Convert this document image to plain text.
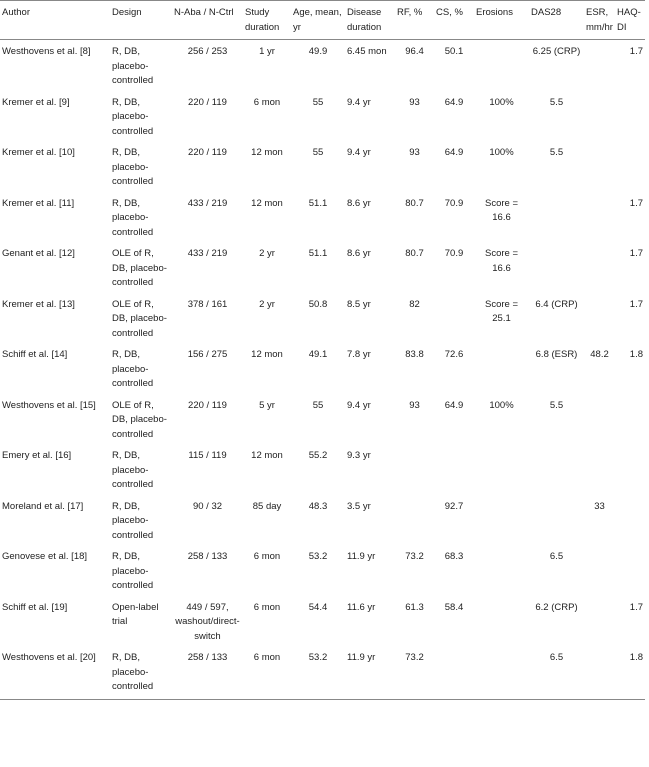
Author	Design	N-Aba / N-Ctrl	Study duration	Age, mean, yr	Disease duration	RF, %	CS, %	Erosions	DAS28	ESR, mm/hr	HAQ-DI
Westhovens et al. [8]	R, DB, placebo-controlled	256 / 253	1 yr	49.9	6.45 mon	96.4	50.1		6.25 (CRP)		1.7
Kremer et al. [9]	R, DB, placebo-controlled	220 / 119	6 mon	55	9.4 yr	93	64.9	100%	5.5		
Kremer et al. [10]	R, DB, placebo-controlled	220 / 119	12 mon	55	9.4 yr	93	64.9	100%	5.5		
Kremer et al. [11]	R, DB, placebo-controlled	433 / 219	12 mon	51.1	8.6 yr	80.7	70.9	Score = 16.6			1.7
Genant et al. [12]	OLE of R, DB, placebo-controlled	433 / 219	2 yr	51.1	8.6 yr	80.7	70.9	Score = 16.6			1.7
Kremer et al. [13]	OLE of R, DB, placebo-controlled	378 / 161	2 yr	50.8	8.5 yr	82		Score = 25.1	6.4 (CRP)		1.7
Schiff et al. [14]	R, DB, placebo-controlled	156 / 275	12 mon	49.1	7.8 yr	83.8	72.6		6.8 (ESR)	48.2	1.8
Westhovens et al. [15]	OLE of R, DB, placebo-controlled	220 / 119	5 yr	55	9.4 yr	93	64.9	100%	5.5		
Emery et al. [16]	R, DB, placebo-controlled	115 / 119	12 mon	55.2	9.3 yr						
Moreland et al. [17]	R, DB, placebo-controlled	90 / 32	85 day	48.3	3.5 yr		92.7			33	
Genovese et al. [18]	R, DB, placebo-controlled	258 / 133	6 mon	53.2	11.9 yr	73.2	68.3		6.5		
Schiff et al. [19]	Open-label trial	449 / 597, washout/direct-switch	6 mon	54.4	11.6 yr	61.3	58.4		6.2 (CRP)		1.7
Westhovens et al. [20]	R, DB, placebo-controlled	258 / 133	6 mon	53.2	11.9 yr	73.2			6.5		1.8
